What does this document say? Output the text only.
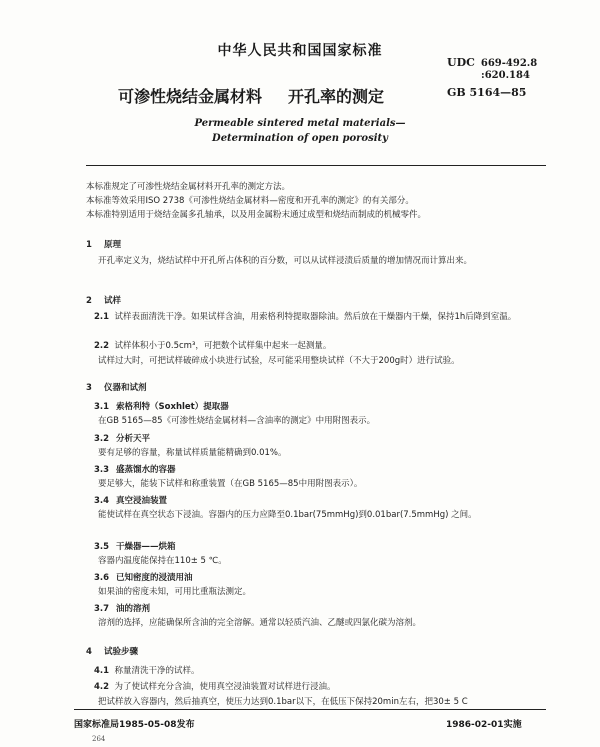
中华人民共和国国家标准
UDC 669-492.8
:620.184
可渗性烧结金属材料 开孔率的测定	GB 5164—85
Permeable sintered metal materials—
Determination of open porosity
本标准规定了可渗性烧结金属材料开孔率的测定方法。
本标准等效采用ISO 2738《可渗性烧结金属材料—密度和开孔率的测定》的有关部分。
本标准特别适用于烧结金属多孔轴承，以及用金属粉末通过成型和烧结而制成的机械零件。
1 原理
开孔率定义为，烧结试样中开孔所占体积的百分数，可以从试样浸渍后质量的增加情况而计算出来。
2 试样
2.1 试样表面清洗干净。如果试样含油，用索格利特提取器除油。然后放在干燥器内干燥，保持1h后降到室温。
2.2 试样体积小于0.5cm³，可把数个试样集中起来一起测量。
试样过大时，可把试样破碎成小块进行试验，尽可能采用整块试样（不大于200g时）进行试验。
3 仪器和试剂
3.1 索格利特（Soxhlet）提取器
在GB 5165—85《可渗性烧结金属材料—含油率的测定》中用附图表示。
3.2 分析天平
要有足够的容量，称量试样质量能精确到0.01%。
3.3 盛蒸馏水的容器
要足够大，能装下试样和称重装置（在GB 5165—85中用附图表示）。
3.4 真空浸油装置
能使试样在真空状态下浸油。容器内的压力应降至0.1bar(75mmHg)到0.01bar(7.5mmHg) 之间。
3.5 干燥器——烘箱
容器内温度能保持在110± 5 ℃。
3.6 已知密度的浸渍用油
如果油的密度未知，可用比重瓶法测定。
3.7 油的溶剂
溶剂的选择，应能确保所含油的完全溶解。通常以轻质汽油、乙醚或四氯化碳为溶剂。
4 试验步骤
4.1 称量清洗干净的试样。
4.2 为了使试样充分含油，使用真空浸油装置对试样进行浸油。
把试样放入容器内，然后抽真空，使压力达到0.1bar以下，在低压下保持20min左右，把30± 5 C
国家标准局1985-05-08发布	1986-02-01实施
264
